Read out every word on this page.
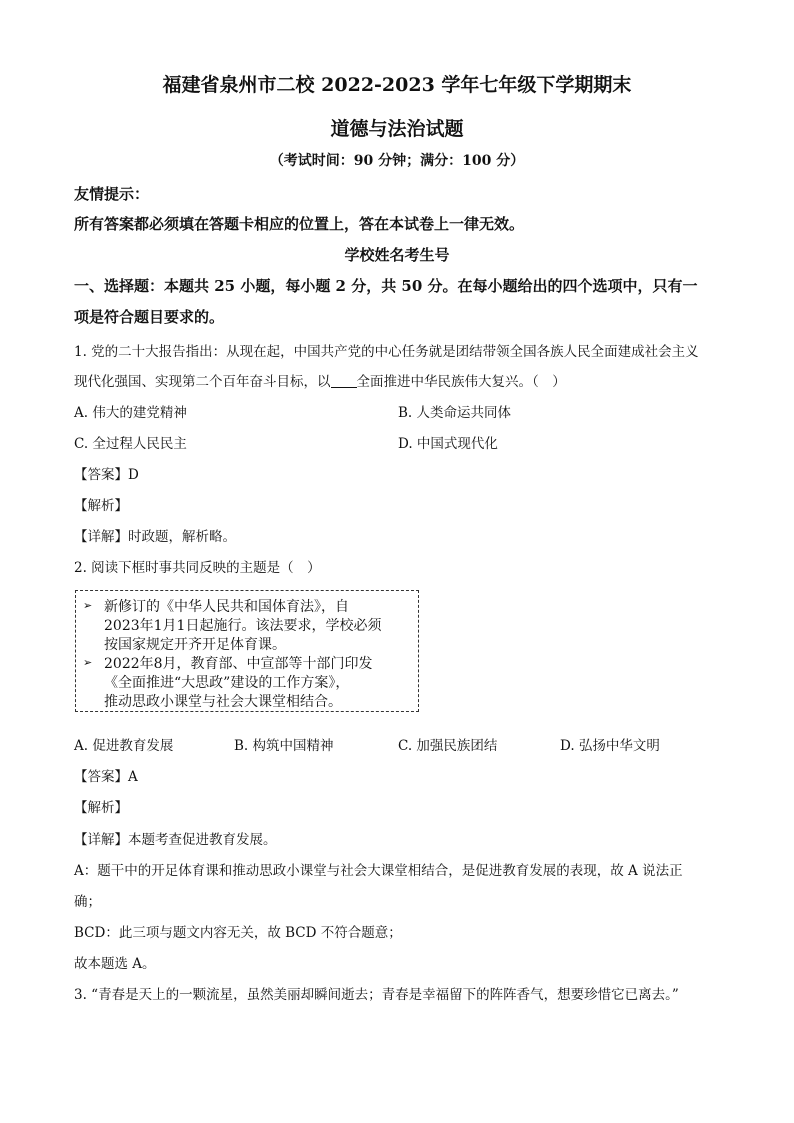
福建省泉州市二校 2022-2023 学年七年级下学期期末
道德与法治试题
（考试时间：90 分钟；满分：100 分）
友情提示：
所有答案都必须填在答题卡相应的位置上，答在本试卷上一律无效。
学校姓名考生号
一、选择题：本题共 25 小题，每小题 2 分，共 50 分。在每小题给出的四个选项中，只有一
项是符合题目要求的。
1. 党的二十大报告指出：从现在起，中国共产党的中心任务就是团结带领全国各族人民全面建成社会主义
现代化强国、实现第二个百年奋斗目标，以 全面推进中华民族伟大复兴。（　）
A. 伟大的建党精神	B. 人类命运共同体
C. 全过程人民民主	D. 中国式现代化
【答案】D
【解析】
【详解】时政题，解析略。
2. 阅读下框时事共同反映的主题是（　）
➢ 新修订的《中华人民共和国体育法》，自
2023年1月1日起施行。该法要求，学校必须
按国家规定开齐开足体育课。
➢ 2022年8月，教育部、中宣部等十部门印发
《全面推进“大思政”建设的工作方案》，
推动思政小课堂与社会大课堂相结合。
A. 促进教育发展	B. 构筑中国精神	C. 加强民族团结	D. 弘扬中华文明
【答案】A
【解析】
【详解】本题考查促进教育发展。
A：题干中的开足体育课和推动思政小课堂与社会大课堂相结合，是促进教育发展的表现，故 A 说法正
确；
BCD：此三项与题文内容无关，故 BCD 不符合题意；
故本题选 A。
3. “青春是天上的一颗流星，虽然美丽却瞬间逝去；青春是幸福留下的阵阵香气，想要珍惜它已离去。”
